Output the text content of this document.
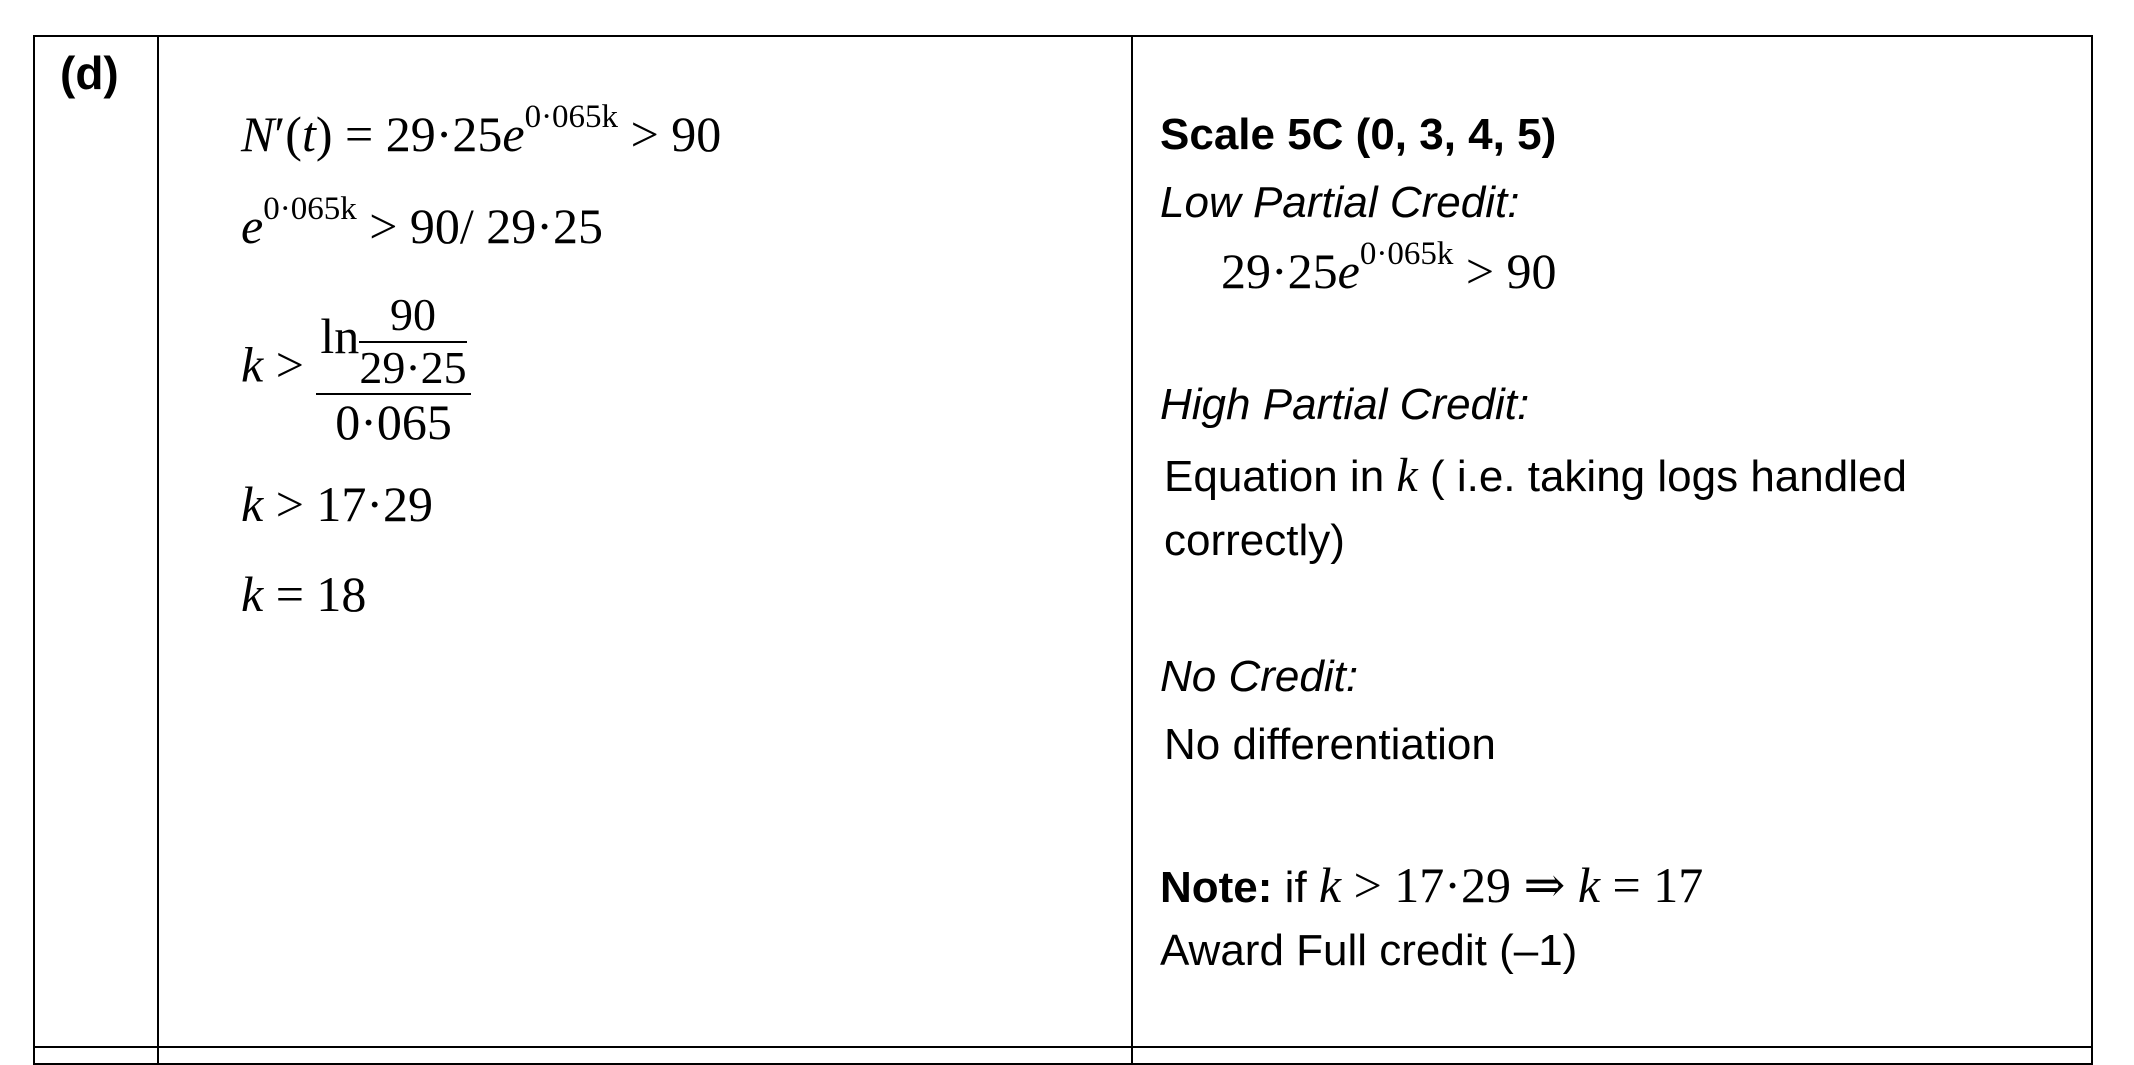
(d)
$N'(t) = 29\cdot 25e^{0\cdot 065k} > 90$
$e^{0\cdot 065k} > 90/$ 29·25
$k > \frac{\ln \frac{90}{29\cdot 25}}{0\cdot 065}$
k > 17·29
k = 18
Scale 5C (0, 3, 4, 5)
Low Partial Credit:
$29\cdot 25e^{0\cdot 065k} > 90$
High Partial Credit:
Equation in k ( i.e. taking logs handled
correctly)
No Credit:
No differentiation
Note: if k > 17·29 ⇒ k = 17
Award Full credit (–1)
